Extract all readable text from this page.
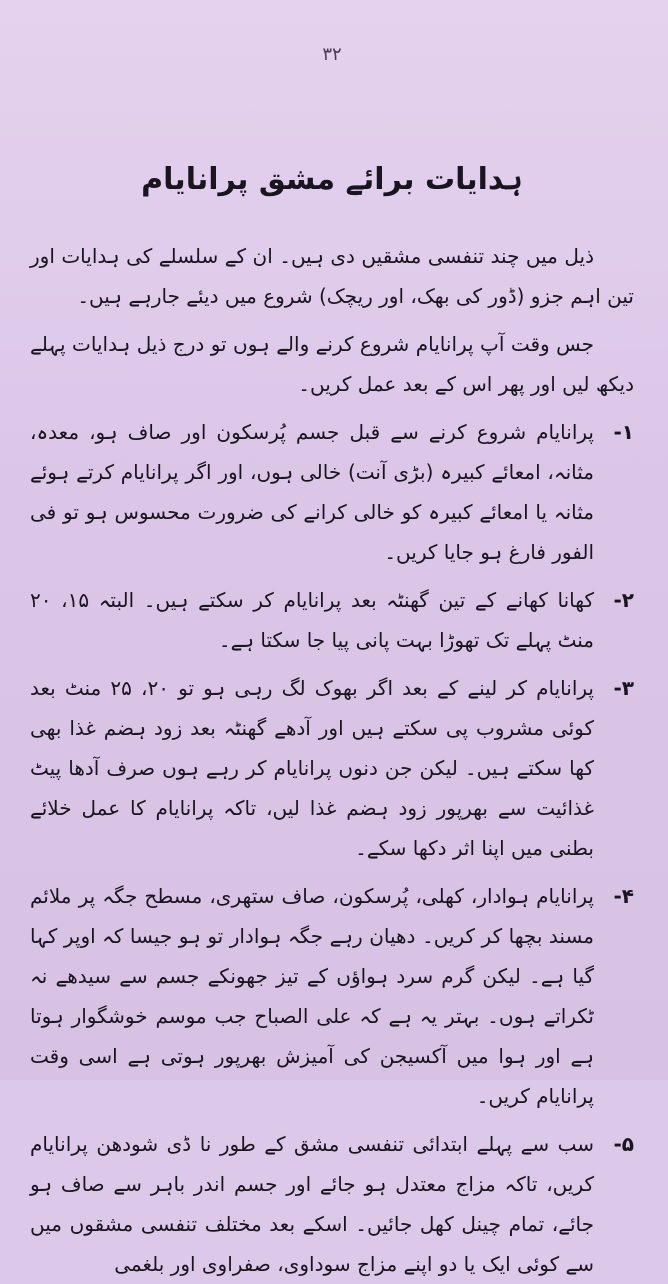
۳۲
ہدایات برائے مشق پرانایام

ذیل میں چند تنفسی مشقیں دی ہیں۔ ان کے سلسلے کی ہدایات اور تین اہم جزو (ڈور کی بھک، اور ریچک) شروع میں دیئے جارہے ہیں۔

جس وقت آپ پرانایام شروع کرنے والے ہوں تو درج ذیل ہدایات پہلے دیکھ لیں اور پھر اس کے بعد عمل کریں۔

۱-
پرانایام شروع کرنے سے قبل جسم پُرسکون اور صاف ہو، معدہ، مثانہ، امعائے کبیرہ (بڑی آنت) خالی ہوں، اور اگر پرانایام کرتے ہوئے مثانہ یا امعائے کبیرہ کو خالی کرانے کی ضرورت محسوس ہو تو فی الفور فارغ ہو جایا کریں۔
۲-
کھانا کھانے کے تین گھنٹہ بعد پرانایام کر سکتے ہیں۔ البتہ ۱۵، ۲۰ منٹ پہلے تک تھوڑا بہت پانی پیا جا سکتا ہے۔
۳-
پرانایام کر لینے کے بعد اگر بھوک لگ رہی ہو تو ۲۰، ۲۵ منٹ بعد کوئی مشروب پی سکتے ہیں اور آدھے گھنٹہ بعد زود ہضم غذا بھی کھا سکتے ہیں۔ لیکن جن دنوں پرانایام کر رہے ہوں صرف آدھا پیٹ غذائیت سے بھرپور زود ہضم غذا لیں، تاکہ پرانایام کا عمل خلائے بطنی میں اپنا اثر دکھا سکے۔
۴-
پرانایام ہوادار، کھلی، پُرسکون، صاف ستھری، مسطح جگہ پر ملائم مسند بچھا کر کریں۔ دھیان رہے جگہ ہوادار تو ہو جیسا کہ اوپر کہا گیا ہے۔ لیکن گرم سرد ہواؤں کے تیز جھونکے جسم سے سیدھے نہ ٹکراتے ہوں۔ بہتر یہ ہے کہ علی الصباح جب موسم خوشگوار ہوتا ہے اور ہوا میں آکسیجن کی آمیزش بھرپور ہوتی ہے اسی وقت پرانایام کریں۔
۵-
سب سے پہلے ابتدائی تنفسی مشق کے طور نا ڈی شودھن پرانایام کریں، تاکہ مزاج معتدل ہو جائے اور جسم اندر باہر سے صاف ہو جائے، تمام چینل کھل جائیں۔ اسکے بعد مختلف تنفسی مشقوں میں سے کوئی ایک یا دو اپنے مزاج سوداوی، صفراوی اور بلغمی
